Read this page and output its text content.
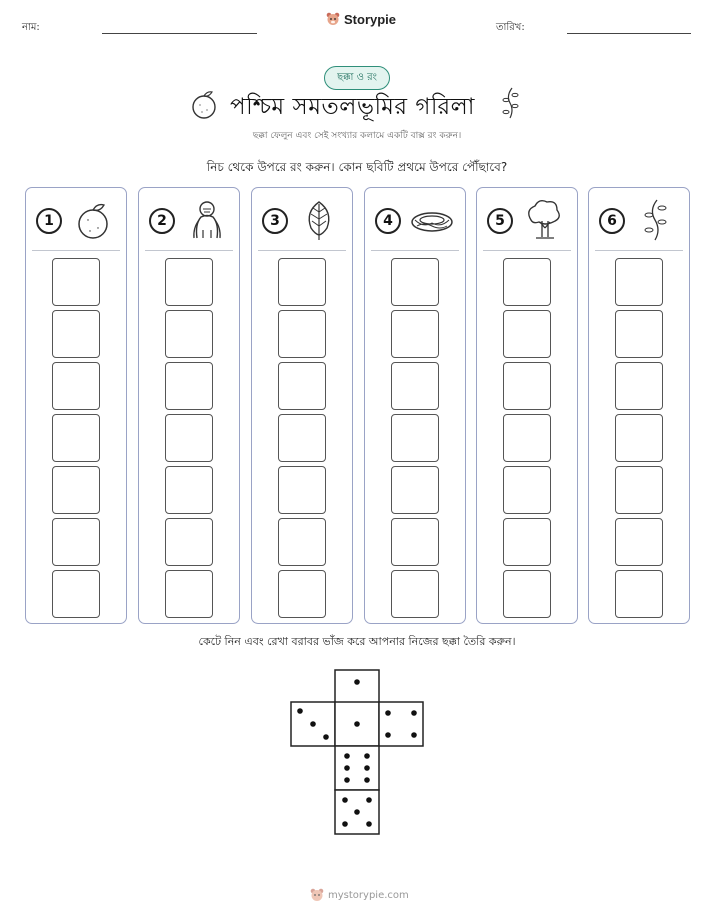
নাম:
Storypie
তারিখ:
ছক্কা ও রং
পশ্চিম সমতলভূমির গরিলা
ছক্কা ফেলুন এবং সেই সংখ্যার কলামে একটি বাক্স রং করুন।
নিচ থেকে উপরে রং করুন। কোন ছবিটি প্রথমে উপরে পৌঁছাবে?
1	2	3	4	5	6
কেটে নিন এবং রেখা বরাবর ভাঁজ করে আপনার নিজের ছক্কা তৈরি করুন।
mystorypie.com
